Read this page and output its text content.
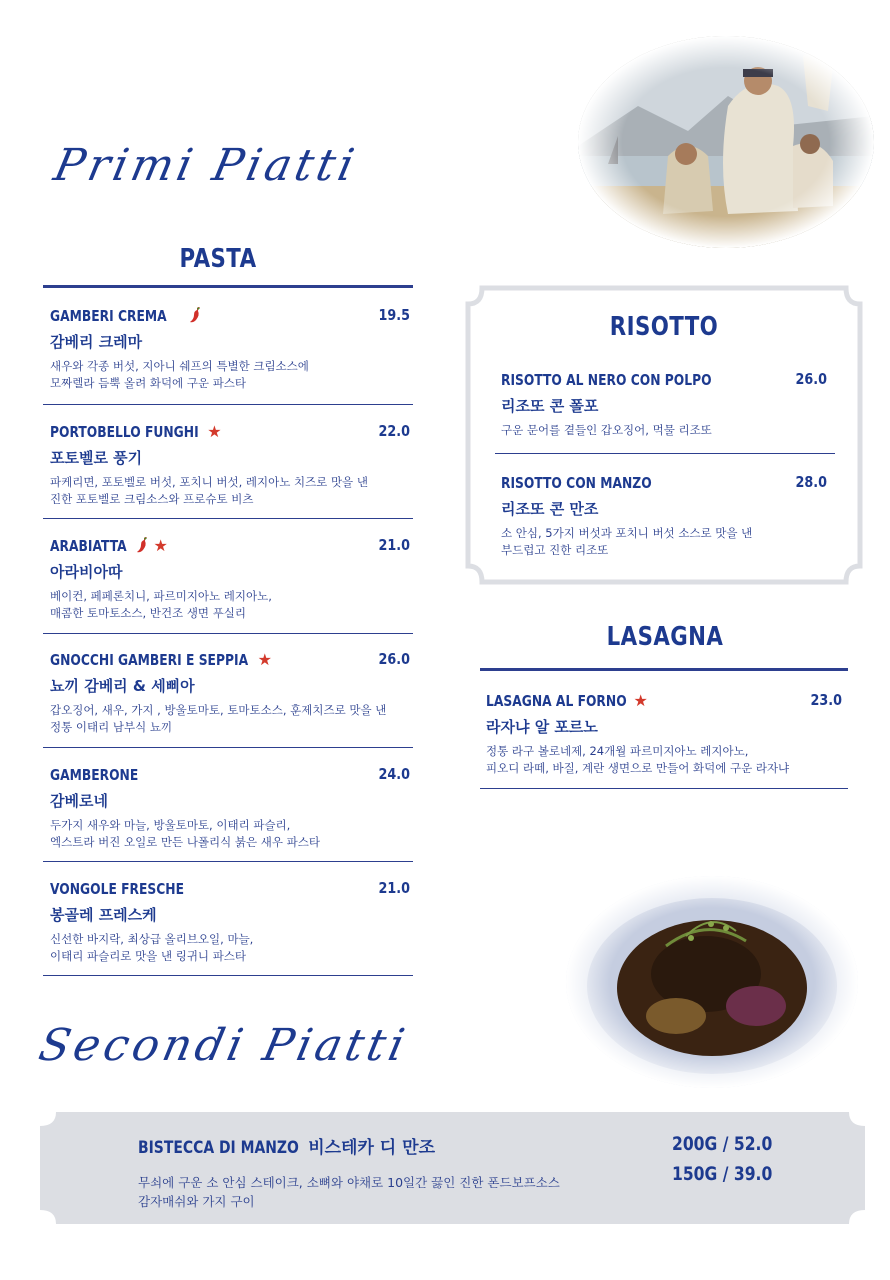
Primi Piatti
Secondi Piatti
PASTA
GAMBERI CREMA	19.5
감베리 크레마
새우와 각종 버섯, 지아니 쉐프의 특별한 크림소스에
모짜렐라 듬뿍 올려 화덕에 구운 파스타
PORTOBELLO FUNGHI ★	22.0
포토벨로 풍기
파케리면, 포토벨로 버섯, 포치니 버섯, 레지아노 치즈로 맛을 낸
진한 포토벨로 크림소스와 프로슈토 비츠
ARABIATTA ★	21.0
아라비아따
베이컨, 페페론치니, 파르미지아노 레지아노,
매콤한 토마토소스, 반건조 생면 푸실리
GNOCCHI GAMBERI E SEPPIA ★	26.0
뇨끼 감베리 & 세삐아
갑오징어, 새우, 가지 , 방울토마토, 토마토소스, 훈제치즈로 맛을 낸
정통 이태리 남부식 뇨끼
GAMBERONE	24.0
감베로네
두가지 새우와 마늘, 방울토마토, 이태리 파슬리,
엑스트라 버진 오일로 만든 나폴리식 붉은 새우 파스타
VONGOLE FRESCHE	21.0
봉골레 프레스케
신선한 바지락, 최상급 올리브오일, 마늘,
이태리 파슬리로 맛을 낸 링귀니 파스타
RISOTTO
RISOTTO AL NERO CON POLPO	26.0
리조또 콘 폴포
구운 문어를 곁들인 갑오징어, 먹물 리조또
RISOTTO CON MANZO	28.0
리조또 콘 만조
소 안심, 5가지 버섯과 포치니 버섯 소스로 맛을 낸
부드럽고 진한 리조또
LASAGNA
LASAGNA AL FORNO ★	23.0
라자냐 알 포르노
정통 라구 볼로네제, 24개월 파르미지아노 레지아노,
피오디 라떼, 바질, 계란 생면으로 만들어 화덕에 구운 라자냐
BISTECCA DI MANZO 비스테카 디 만조
무쇠에 구운 소 안심 스테이크, 소뼈와 야채로 10일간 끓인 진한 폰드보프소스
감자매쉬와 가지 구이
200G / 52.0
150G / 39.0
